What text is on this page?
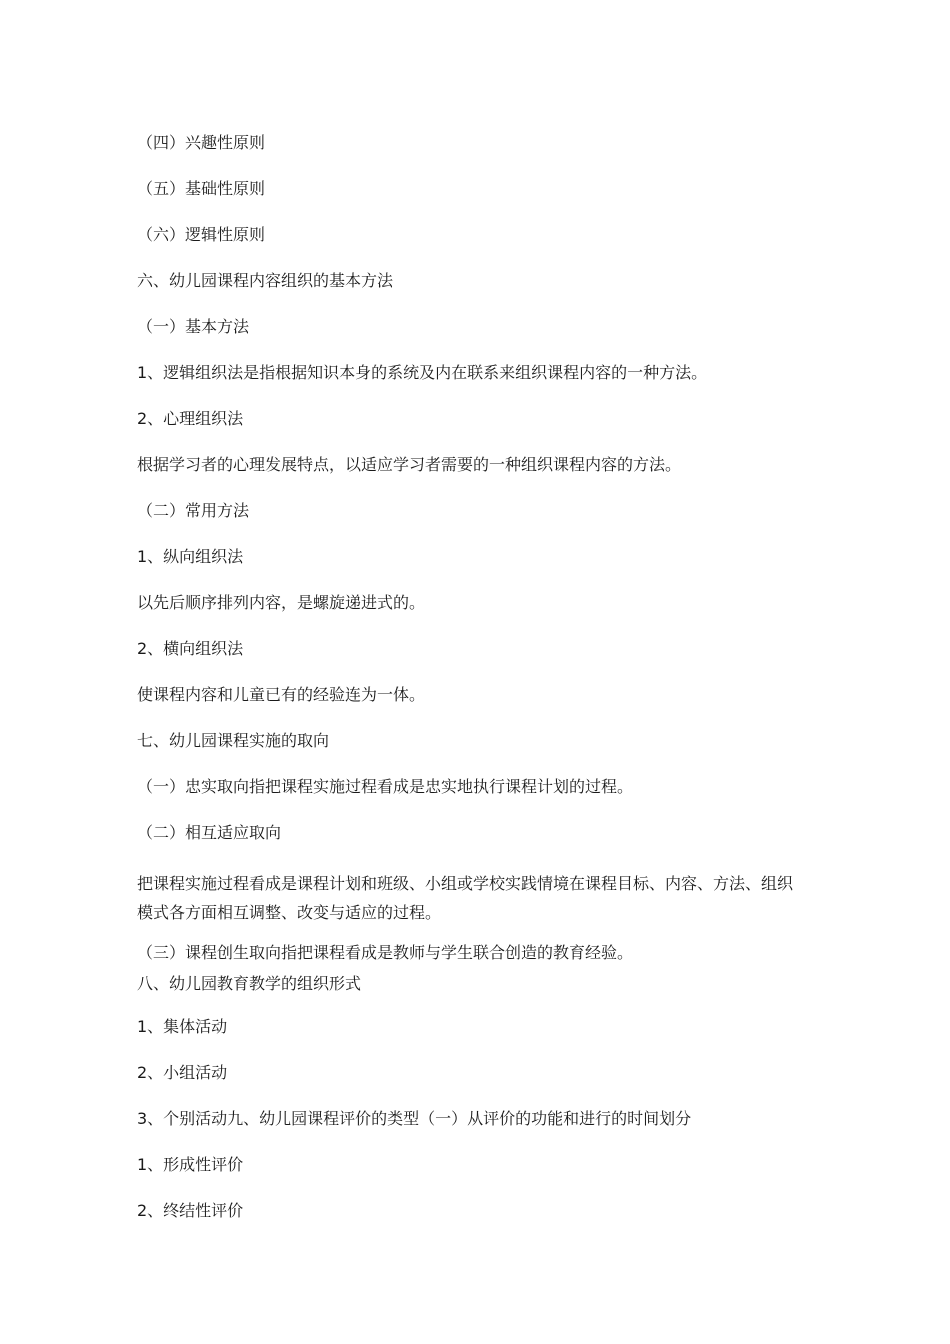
（四）兴趣性原则
（五）基础性原则
（六）逻辑性原则
六、幼儿园课程内容组织的基本方法
（一）基本方法
1、逻辑组织法是指根据知识本身的系统及内在联系来组织课程内容的一种方法。
2、心理组织法
根据学习者的心理发展特点，以适应学习者需要的一种组织课程内容的方法。
（二）常用方法
1、纵向组织法
以先后顺序排列内容，是螺旋递进式的。
2、横向组织法
使课程内容和儿童已有的经验连为一体。
七、幼儿园课程实施的取向
（一）忠实取向指把课程实施过程看成是忠实地执行课程计划的过程。
（二）相互适应取向
把课程实施过程看成是课程计划和班级、小组或学校实践情境在课程目标、内容、方法、组织模式各方面相互调整、改变与适应的过程。
（三）课程创生取向指把课程看成是教师与学生联合创造的教育经验。
八、幼儿园教育教学的组织形式
1、集体活动
2、小组活动
3、个别活动九、幼儿园课程评价的类型（一）从评价的功能和进行的时间划分
1、形成性评价
2、终结性评价
